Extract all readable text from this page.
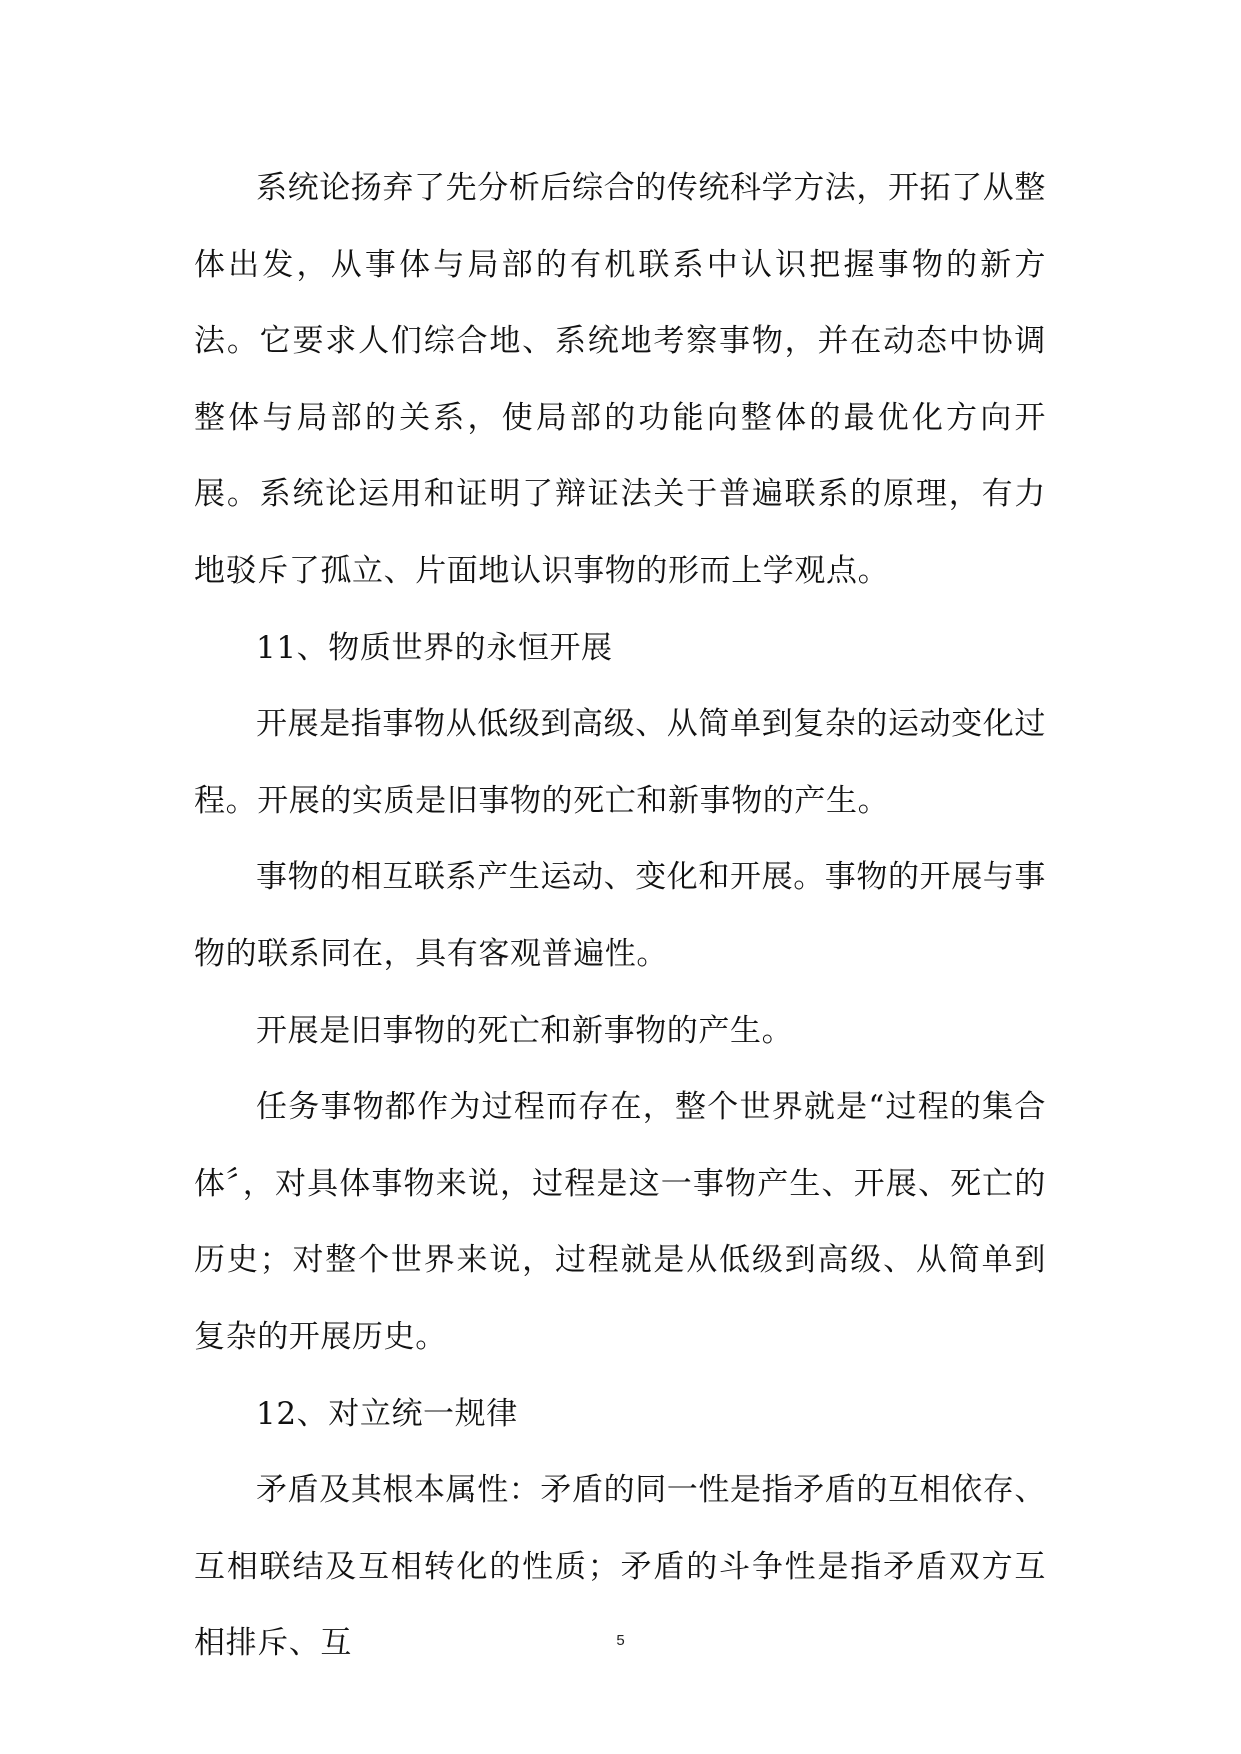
系统论扬弃了先分析后综合的传统科学方法，开拓了从整体出发，从事体与局部的有机联系中认识把握事物的新方法。它要求人们综合地、系统地考察事物，并在动态中协调整体与局部的关系，使局部的功能向整体的最优化方向开展。系统论运用和证明了辩证法关于普遍联系的原理，有力地驳斥了孤立、片面地认识事物的形而上学观点。

11、物质世界的永恒开展

开展是指事物从低级到高级、从简单到复杂的运动变化过程。开展的实质是旧事物的死亡和新事物的产生。

事物的相互联系产生运动、变化和开展。事物的开展与事物的联系同在，具有客观普遍性。

开展是旧事物的死亡和新事物的产生。

任务事物都作为过程而存在，整个世界就是“过程的集合体〞，对具体事物来说，过程是这一事物产生、开展、死亡的历史；对整个世界来说，过程就是从低级到高级、从简单到复杂的开展历史。

12、对立统一规律

矛盾及其根本属性：矛盾的同一性是指矛盾的互相依存、互相联结及互相转化的性质；矛盾的斗争性是指矛盾双方互相排斥、互	5
